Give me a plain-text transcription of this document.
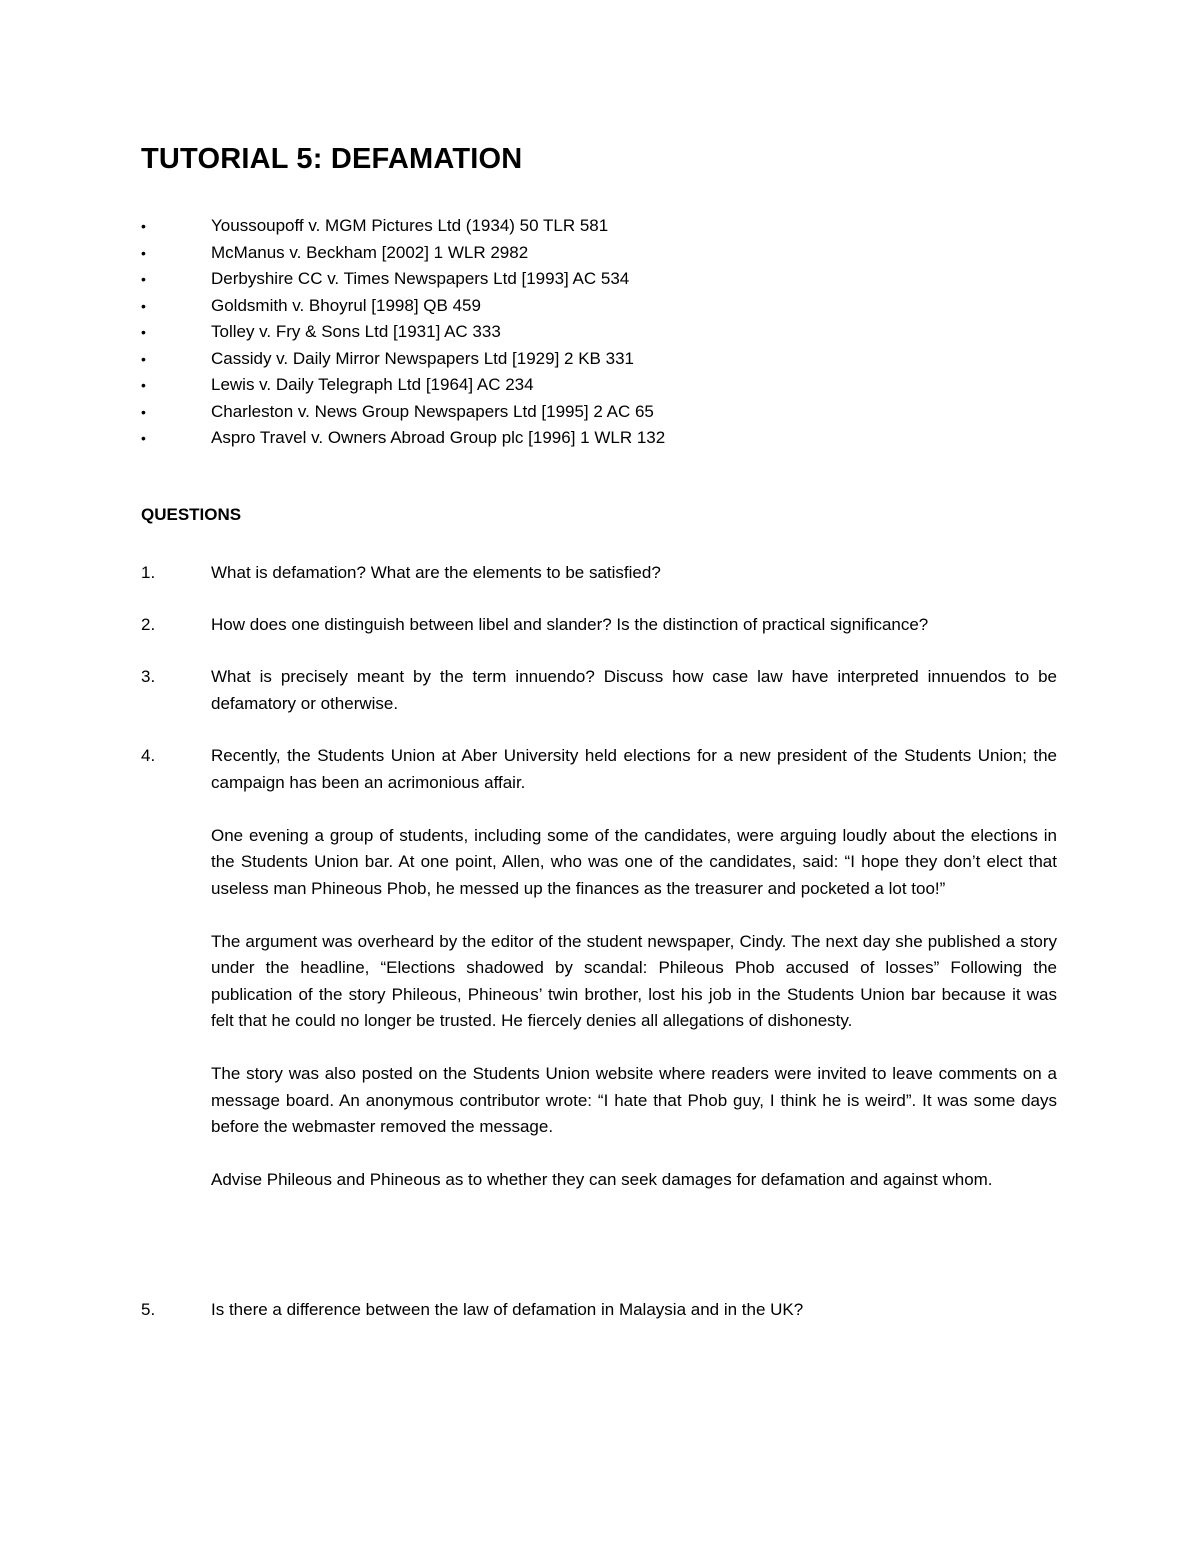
TUTORIAL 5: DEFAMATION
•	Youssoupoff v. MGM Pictures Ltd (1934) 50 TLR 581
•	McManus v. Beckham [2002] 1 WLR 2982
•	Derbyshire CC v. Times Newspapers Ltd [1993] AC 534
•	Goldsmith v. Bhoyrul [1998] QB 459
•	Tolley v. Fry & Sons Ltd [1931] AC 333
•	Cassidy v. Daily Mirror Newspapers Ltd [1929] 2 KB 331
•	Lewis v. Daily Telegraph Ltd [1964] AC 234
•	Charleston v. News Group Newspapers Ltd [1995] 2 AC 65
•	Aspro Travel v. Owners Abroad Group plc [1996] 1 WLR 132
QUESTIONS
1.	What is defamation? What are the elements to be satisfied?

2.	How does one distinguish between libel and slander? Is the distinction of practical significance?

3.	What is precisely meant by the term innuendo? Discuss how case law have interpreted innuendos to be defamatory or otherwise.

4.	Recently, the Students Union at Aber University held elections for a new president of the Students Union; the campaign has been an acrimonious affair.

One evening a group of students, including some of the candidates, were arguing loudly about the elections in the Students Union bar. At one point, Allen, who was one of the candidates, said: “I hope they don’t elect that useless man Phineous Phob, he messed up the finances as the treasurer and pocketed a lot too!”

The argument was overheard by the editor of the student newspaper, Cindy. The next day she published a story under the headline, “Elections shadowed by scandal: Phileous Phob accused of losses” Following the publication of the story Phileous, Phineous’ twin brother, lost his job in the Students Union bar because it was felt that he could no longer be trusted. He fiercely denies all allegations of dishonesty.

The story was also posted on the Students Union website where readers were invited to leave comments on a message board. An anonymous contributor wrote: “I hate that Phob guy, I think he is weird”. It was some days before the webmaster removed the message.

Advise Phileous and Phineous as to whether they can seek damages for defamation and against whom.

5.	Is there a difference between the law of defamation in Malaysia and in the UK?
